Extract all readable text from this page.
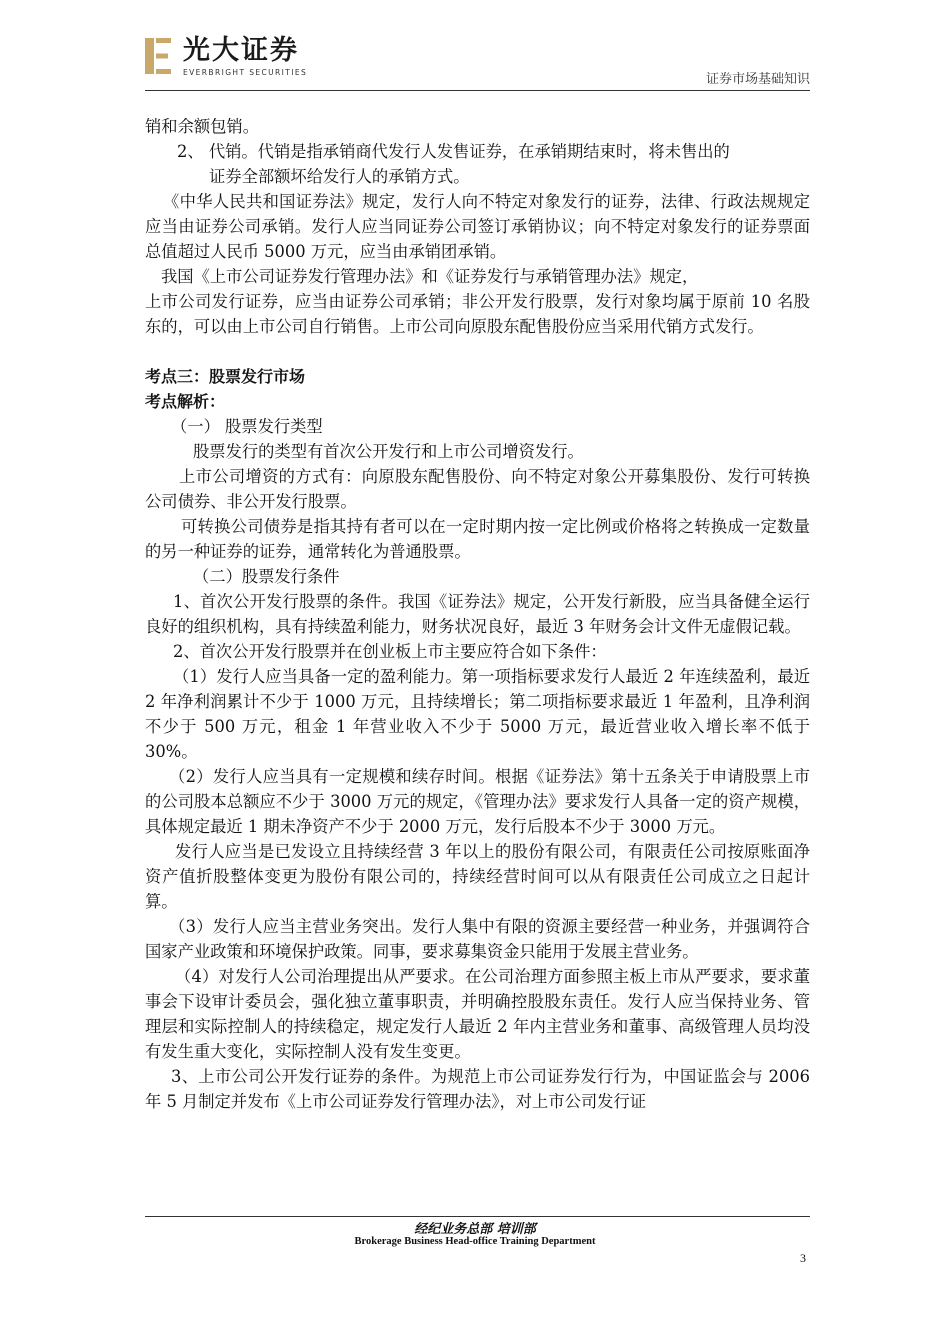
光大证券
EVERBRIGHT SECURITIES	证券市场基础知识

销和余额包销。

2、 代销。代销是指承销商代发行人发售证券，在承销期结束时，将未售出的

证券全部额坏给发行人的承销方式。

《中华人民共和国证券法》规定，发行人向不特定对象发行的证券，法律、行政法规规定应当由证券公司承销。发行人应当同证券公司签订承销协议；向不特定对象发行的证券票面总值超过人民币 5000 万元，应当由承销团承销。

我国《上市公司证券发行管理办法》和《证券发行与承销管理办法》规定，

上市公司发行证券，应当由证券公司承销；非公开发行股票，发行对象均属于原前 10 名股东的，可以由上市公司自行销售。上市公司向原股东配售股份应当采用代销方式发行。

考点三：股票发行市场

考点解析：

（一） 股票发行类型

股票发行的类型有首次公开发行和上市公司增资发行。

上市公司增资的方式有：向原股东配售股份、向不特定对象公开募集股份、发行可转换公司债券、非公开发行股票。

可转换公司债券是指其持有者可以在一定时期内按一定比例或价格将之转换成一定数量的另一种证券的证券，通常转化为普通股票。

（二）股票发行条件

1、首次公开发行股票的条件。我国《证券法》规定，公开发行新股，应当具备健全运行良好的组织机构，具有持续盈利能力，财务状况良好，最近 3 年财务会计文件无虚假记载。

2、首次公开发行股票并在创业板上市主要应符合如下条件：

（1）发行人应当具备一定的盈利能力。第一项指标要求发行人最近 2 年连续盈利，最近 2 年净利润累计不少于 1000 万元，且持续增长；第二项指标要求最近 1 年盈利，且净利润不少于 500 万元，租金 1 年营业收入不少于 5000 万元，最近营业收入增长率不低于 30%。

（2）发行人应当具有一定规模和续存时间。根据《证券法》第十五条关于申请股票上市的公司股本总额应不少于 3000 万元的规定，《管理办法》要求发行人具备一定的资产规模，具体规定最近 1 期未净资产不少于 2000 万元，发行后股本不少于 3000 万元。

发行人应当是已发设立且持续经营 3 年以上的股份有限公司，有限责任公司按原账面净资产值折股整体变更为股份有限公司的，持续经营时间可以从有限责任公司成立之日起计算。

（3）发行人应当主营业务突出。发行人集中有限的资源主要经营一种业务，并强调符合国家产业政策和环境保护政策。同事，要求募集资金只能用于发展主营业务。

（4）对发行人公司治理提出从严要求。在公司治理方面参照主板上市从严要求，要求董事会下设审计委员会，强化独立董事职责，并明确控股股东责任。发行人应当保持业务、管理层和实际控制人的持续稳定，规定发行人最近 2 年内主营业务和董事、高级管理人员均没有发生重大变化，实际控制人没有发生变更。

3、上市公司公开发行证券的条件。为规范上市公司证券发行行为，中国证监会与 2006 年 5 月制定并发布《上市公司证券发行管理办法》，对上市公司发行证

经纪业务总部 培训部
Brokerage Business Head-office Training Department
3
